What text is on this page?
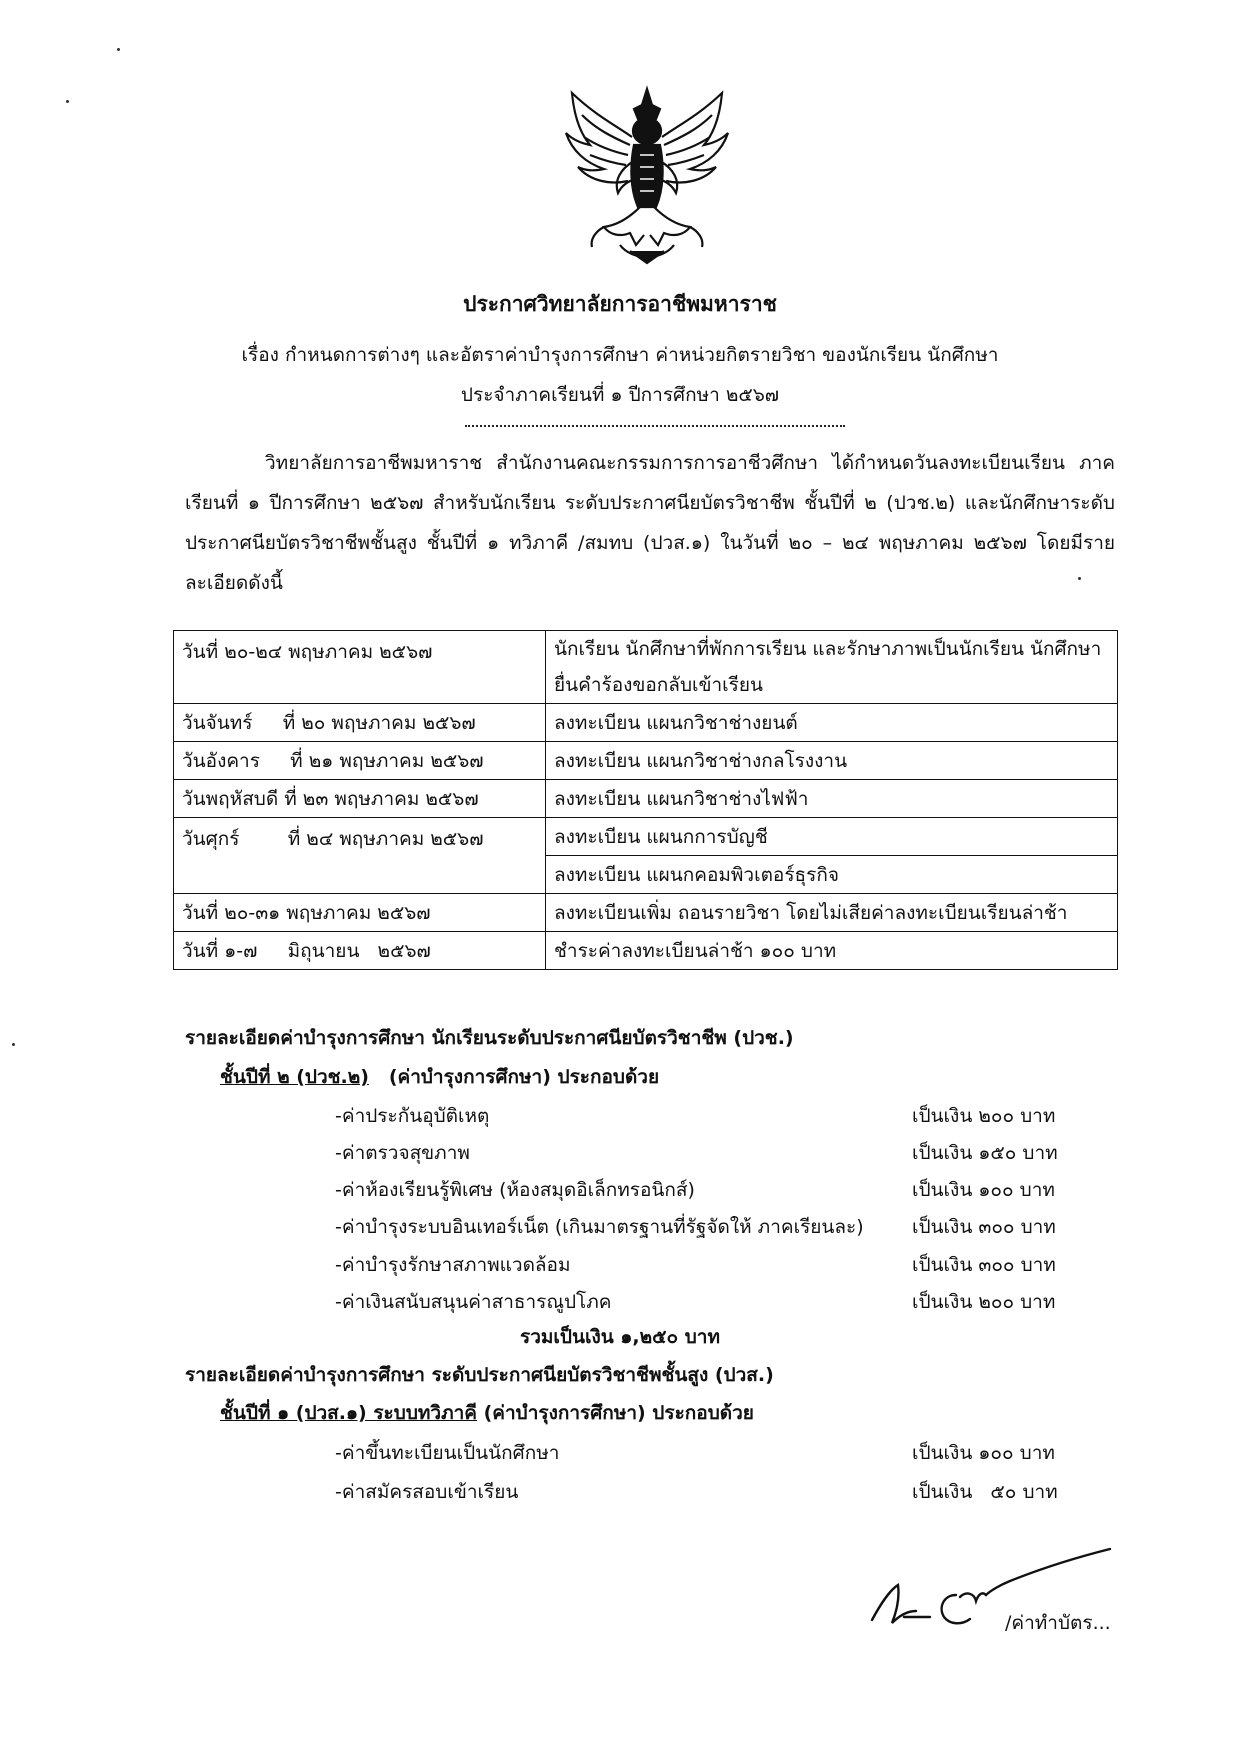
ประกาศวิทยาลัยการอาชีพมหาราช
เรื่อง กำหนดการต่างๆ และอัตราค่าบำรุงการศึกษา ค่าหน่วยกิตรายวิชา ของนักเรียน นักศึกษา
ประจำภาคเรียนที่ ๑ ปีการศึกษา ๒๕๖๗
วิทยาลัยการอาชีพมหาราช สำนักงานคณะกรรมการการอาชีวศึกษา ได้กำหนดวันลงทะเบียนเรียน ภาคเรียนที่ ๑ ปีการศึกษา ๒๕๖๗ สำหรับนักเรียน ระดับประกาศนียบัตรวิชาชีพ ชั้นปีที่ ๒ (ปวช.๒) และนักศึกษาระดับประกาศนียบัตรวิชาชีพชั้นสูง ชั้นปีที่ ๑ ทวิภาคี /สมทบ (ปวส.๑) ในวันที่ ๒๐ – ๒๔ พฤษภาคม ๒๕๖๗ โดยมีรายละเอียดดังนี้
วันที่ ๒๐-๒๔ พฤษภาคม ๒๕๖๗	นักเรียน นักศึกษาที่พักการเรียน และรักษาภาพเป็นนักเรียน นักศึกษา ยื่นคำร้องขอกลับเข้าเรียน
วันจันทร์     ที่ ๒๐ พฤษภาคม ๒๕๖๗	ลงทะเบียน แผนกวิชาช่างยนต์
วันอังคาร     ที่ ๒๑ พฤษภาคม ๒๕๖๗	ลงทะเบียน แผนกวิชาช่างกลโรงงาน
วันพฤหัสบดี ที่ ๒๓ พฤษภาคม ๒๕๖๗	ลงทะเบียน แผนกวิชาช่างไฟฟ้า
วันศุกร์        ที่ ๒๔ พฤษภาคม ๒๕๖๗	ลงทะเบียน แผนกการบัญชี
	ลงทะเบียน แผนกคอมพิวเตอร์ธุรกิจ
วันที่ ๒๐-๓๑ พฤษภาคม ๒๕๖๗	ลงทะเบียนเพิ่ม ถอนรายวิชา โดยไม่เสียค่าลงทะเบียนเรียนล่าช้า
วันที่ ๑-๗     มิถุนายน   ๒๕๖๗	ชำระค่าลงทะเบียนล่าช้า ๑๐๐ บาท
รายละเอียดค่าบำรุงการศึกษา นักเรียนระดับประกาศนียบัตรวิชาชีพ (ปวช.)
ชั้นปีที่ ๒ (ปวช.๒)   (ค่าบำรุงการศึกษา) ประกอบด้วย
-ค่าประกันอุบัติเหตุ	เป็นเงิน ๒๐๐ บาท
-ค่าตรวจสุขภาพ	เป็นเงิน ๑๕๐ บาท
-ค่าห้องเรียนรู้พิเศษ (ห้องสมุดอิเล็กทรอนิกส์)	เป็นเงิน ๑๐๐ บาท
-ค่าบำรุงระบบอินเทอร์เน็ต (เกินมาตรฐานที่รัฐจัดให้ ภาคเรียนละ)	เป็นเงิน ๓๐๐ บาท
-ค่าบำรุงรักษาสภาพแวดล้อม	เป็นเงิน ๓๐๐ บาท
-ค่าเงินสนับสนุนค่าสาธารณูปโภค	เป็นเงิน ๒๐๐ บาท
รวมเป็นเงิน ๑,๒๕๐ บาท
รายละเอียดค่าบำรุงการศึกษา ระดับประกาศนียบัตรวิชาชีพชั้นสูง (ปวส.)
ชั้นปีที่ ๑ (ปวส.๑) ระบบทวิภาคี (ค่าบำรุงการศึกษา) ประกอบด้วย
-ค่าขึ้นทะเบียนเป็นนักศึกษา	เป็นเงิน ๑๐๐ บาท
-ค่าสมัครสอบเข้าเรียน	เป็นเงิน   ๕๐ บาท
/ค่าทำบัตร...
